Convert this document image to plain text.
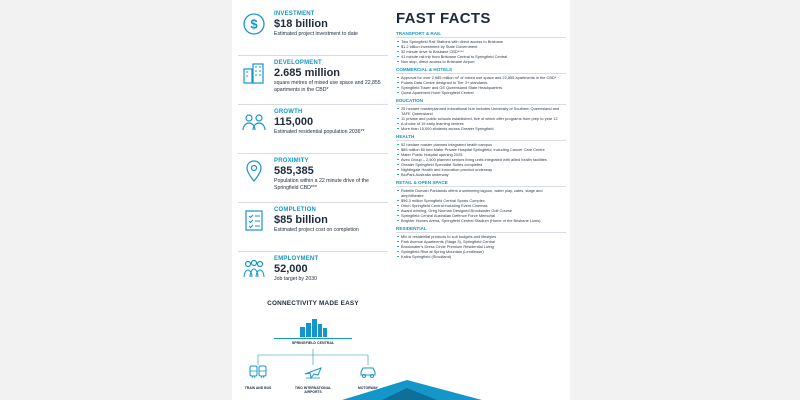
$
INVESTMENT
$18 billion
Estimated project investment to date
DEVELOPMENT
2.685 million
square metres of mixed use space and 22,855 apartments in the CBD*
GROWTH
115,000
Estimated residential population 2036**
PROXIMITY
585,385
Population within a 22 minute drive of the Springfield CBD***
COMPLETION
$85 billion
Estimated project cost on completion
EMPLOYMENT
52,000
Job target by 2030
CONNECTIVITY MADE EASY
SPRINGFIELD CENTRAL
TRAIN AND BUS	TWO INTERNATIONAL AIRPORTS
MOTORWAY
FAST FACTS
TRANSPORT & RAIL
Two Springfield Rail Stations with direct access to Brisbane
$1.2 billion investment by State Government
32 minute drive to Brisbane CBD****
41 minute rail trip from Brisbane Central to Springfield Central
Non stop, direct access to Brisbane Airport
COMMERCIAL & HOTELS
Approval for over 2.685 million m² of mixed use space and 22,855 apartments in the CBD*
Polaris Data Centre designed to Tier 3+ standards
Springfield Tower and GE Queensland State Headquarters
Quest Apartment Hotel Springfield Central
EDUCATION
25 hectare masterplanned educational hub includes University of Southern Queensland and TAFE Queensland
11 private and public schools established, five of which offer programs from prep to year 12
A choice of 19 early learning centres
More than 15,000 students across Greater Springfield
HEALTH
52 hectare master planned integrated health campus
$85 million 80 bed Mater Private Hospital Springfield, including Cancer Care Centre
Mater Public Hospital opening 2025
Aveo Group – 2,500 planned seniors living units integrated with allied health facilities
Greater Springfield Specialist Suites completed
Nightingale Health and Innovation precinct underway
BioPark Australia underway
RETAIL & OPEN SPACE
Robelle Domain Parklands offers a swimming lagoon, water play, cafes, stage and amphitheatre
$96.3 million Springfield Central Sports Complex
Orion Springfield Central including Event Cinemas
Award winning, Greg Norman Designed Brookwater Golf Course
Springfield Central Australian Defence Force Memorial
Brighter Homes Arena, Springfield Central Stadium (Home of the Brisbane Lions)
RESIDENTIAL
Mix of residential products to suit budgets and lifestyles
Park Avenue Apartments (Stage 3), Springfield Central
Brookwater's Dress Circle Premium Residential Living
Springfield Rise at Spring Mountain (Lendlease)
Kailra Springfield (Stockland)
